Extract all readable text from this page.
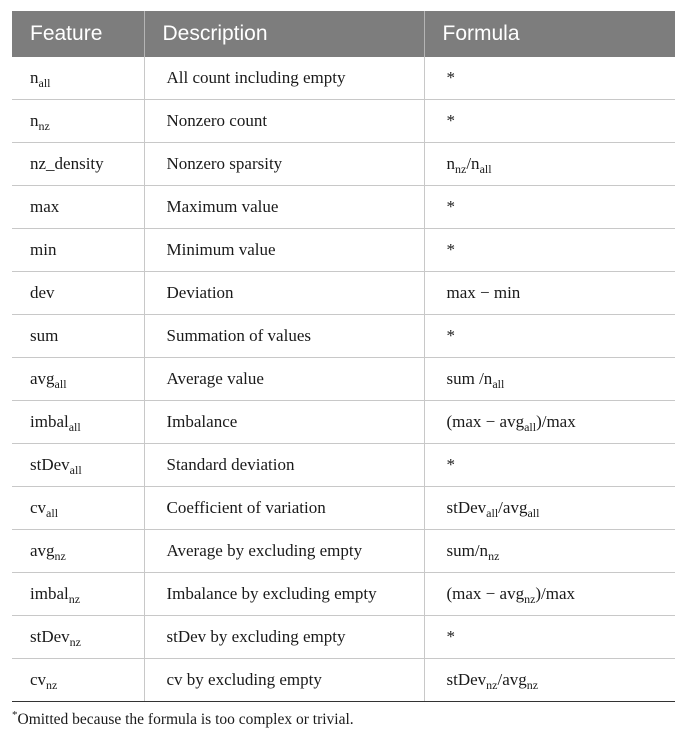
Feature	Description	Formula
$n_{all}$	All count including empty	*
$n_{nz}$	Nonzero count	*
nz_density	Nonzero sparsity	$n_{nz}/n_{all}$
max	Maximum value	*
min	Minimum value	*
dev	Deviation	max − min
sum	Summation of values	*
avg$_{all}$	Average value	sum $/n_{all}$
imbal$_{all}$	Imbalance	(max − avg$_{all}$)/max
stDev$_{all}$	Standard deviation	*
$cv_{all}$	Coefficient of variation	stDev$_{all}$/avg$_{all}$
avg$_{nz}$	Average by excluding empty	sum/$n_{nz}$
imbal$_{nz}$	Imbalance by excluding empty	(max − avg$_{nz}$)/max
stDev$_{nz}$	stDev by excluding empty	*
$cv_{nz}$	cv by excluding empty	stDev$_{nz}$/avg$_{nz}$
*Omitted because the formula is too complex or trivial.
